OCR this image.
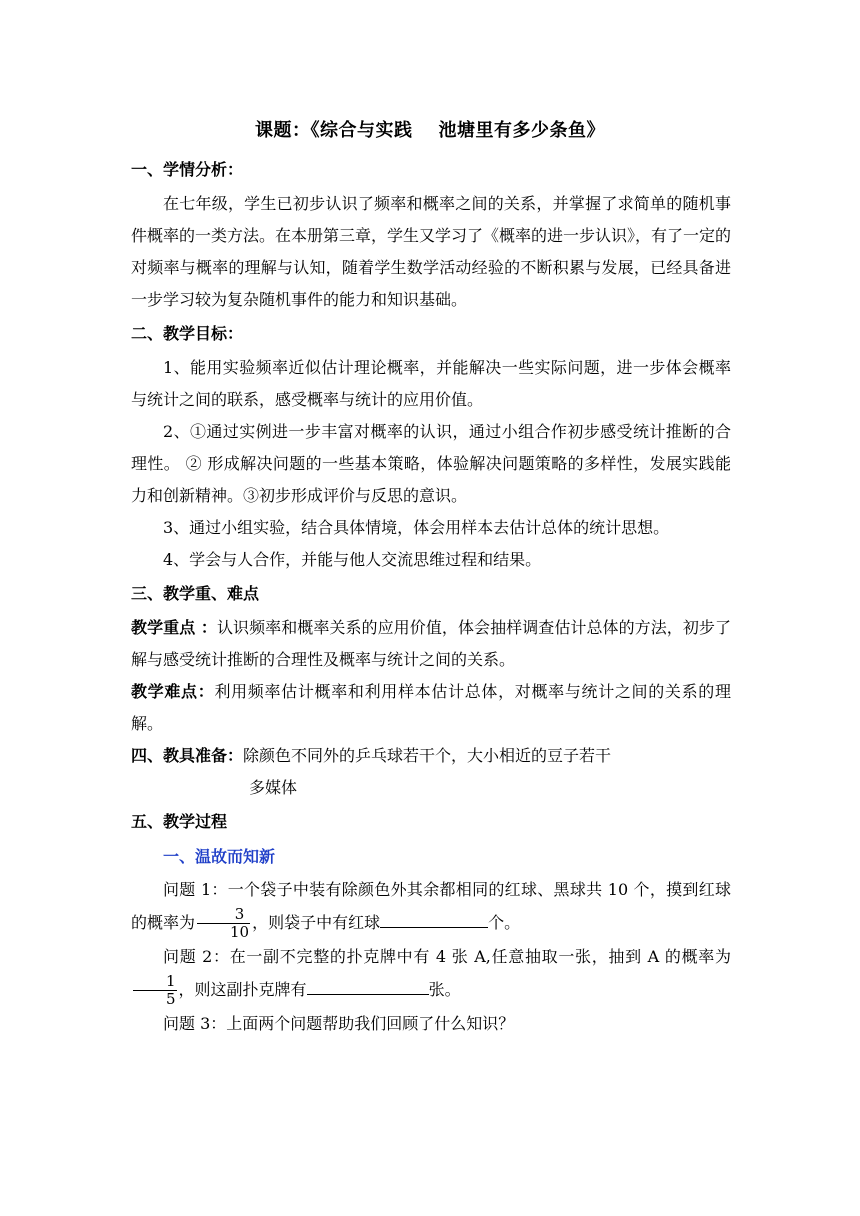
课题：《综合与实践 池塘里有多少条鱼》

一、学情分析：

在七年级，学生已初步认识了频率和概率之间的关系，并掌握了求简单的随机事件概率的一类方法。在本册第三章，学生又学习了《概率的进一步认识》，有了一定的对频率与概率的理解与认知，随着学生数学活动经验的不断积累与发展，已经具备进一步学习较为复杂随机事件的能力和知识基础。

二、教学目标：

1、能用实验频率近似估计理论概率，并能解决一些实际问题，进一步体会概率与统计之间的联系，感受概率与统计的应用价值。

2、①通过实例进一步丰富对概率的认识，通过小组合作初步感受统计推断的合理性。 ② 形成解决问题的一些基本策略，体验解决问题策略的多样性，发展实践能力和创新精神。③初步形成评价与反思的意识。

3、通过小组实验，结合具体情境，体会用样本去估计总体的统计思想。

4、学会与人合作，并能与他人交流思维过程和结果。

三、教学重、难点

教学重点 ：认识频率和概率关系的应用价值，体会抽样调查估计总体的方法，初步了解与感受统计推断的合理性及概率与统计之间的关系。

教学难点：利用频率估计概率和利用样本估计总体，对概率与统计之间的关系的理解。

四、教具准备：除颜色不同外的乒乓球若干个，大小相近的豆子若干

多媒体

五、教学过程

一、温故而知新

问题 1：一个袋子中装有除颜色外其余都相同的红球、黑球共 10 个，摸到红球的概率为 $\frac{3}{10}$ ，则袋子中有红球	个。

问题 2：在一副不完整的扑克牌中有 4 张 A,任意抽取一张，抽到 A 的概率为
$\frac{1}{5}$ ，则这副扑克牌有	张。

问题 3：上面两个问题帮助我们回顾了什么知识？
